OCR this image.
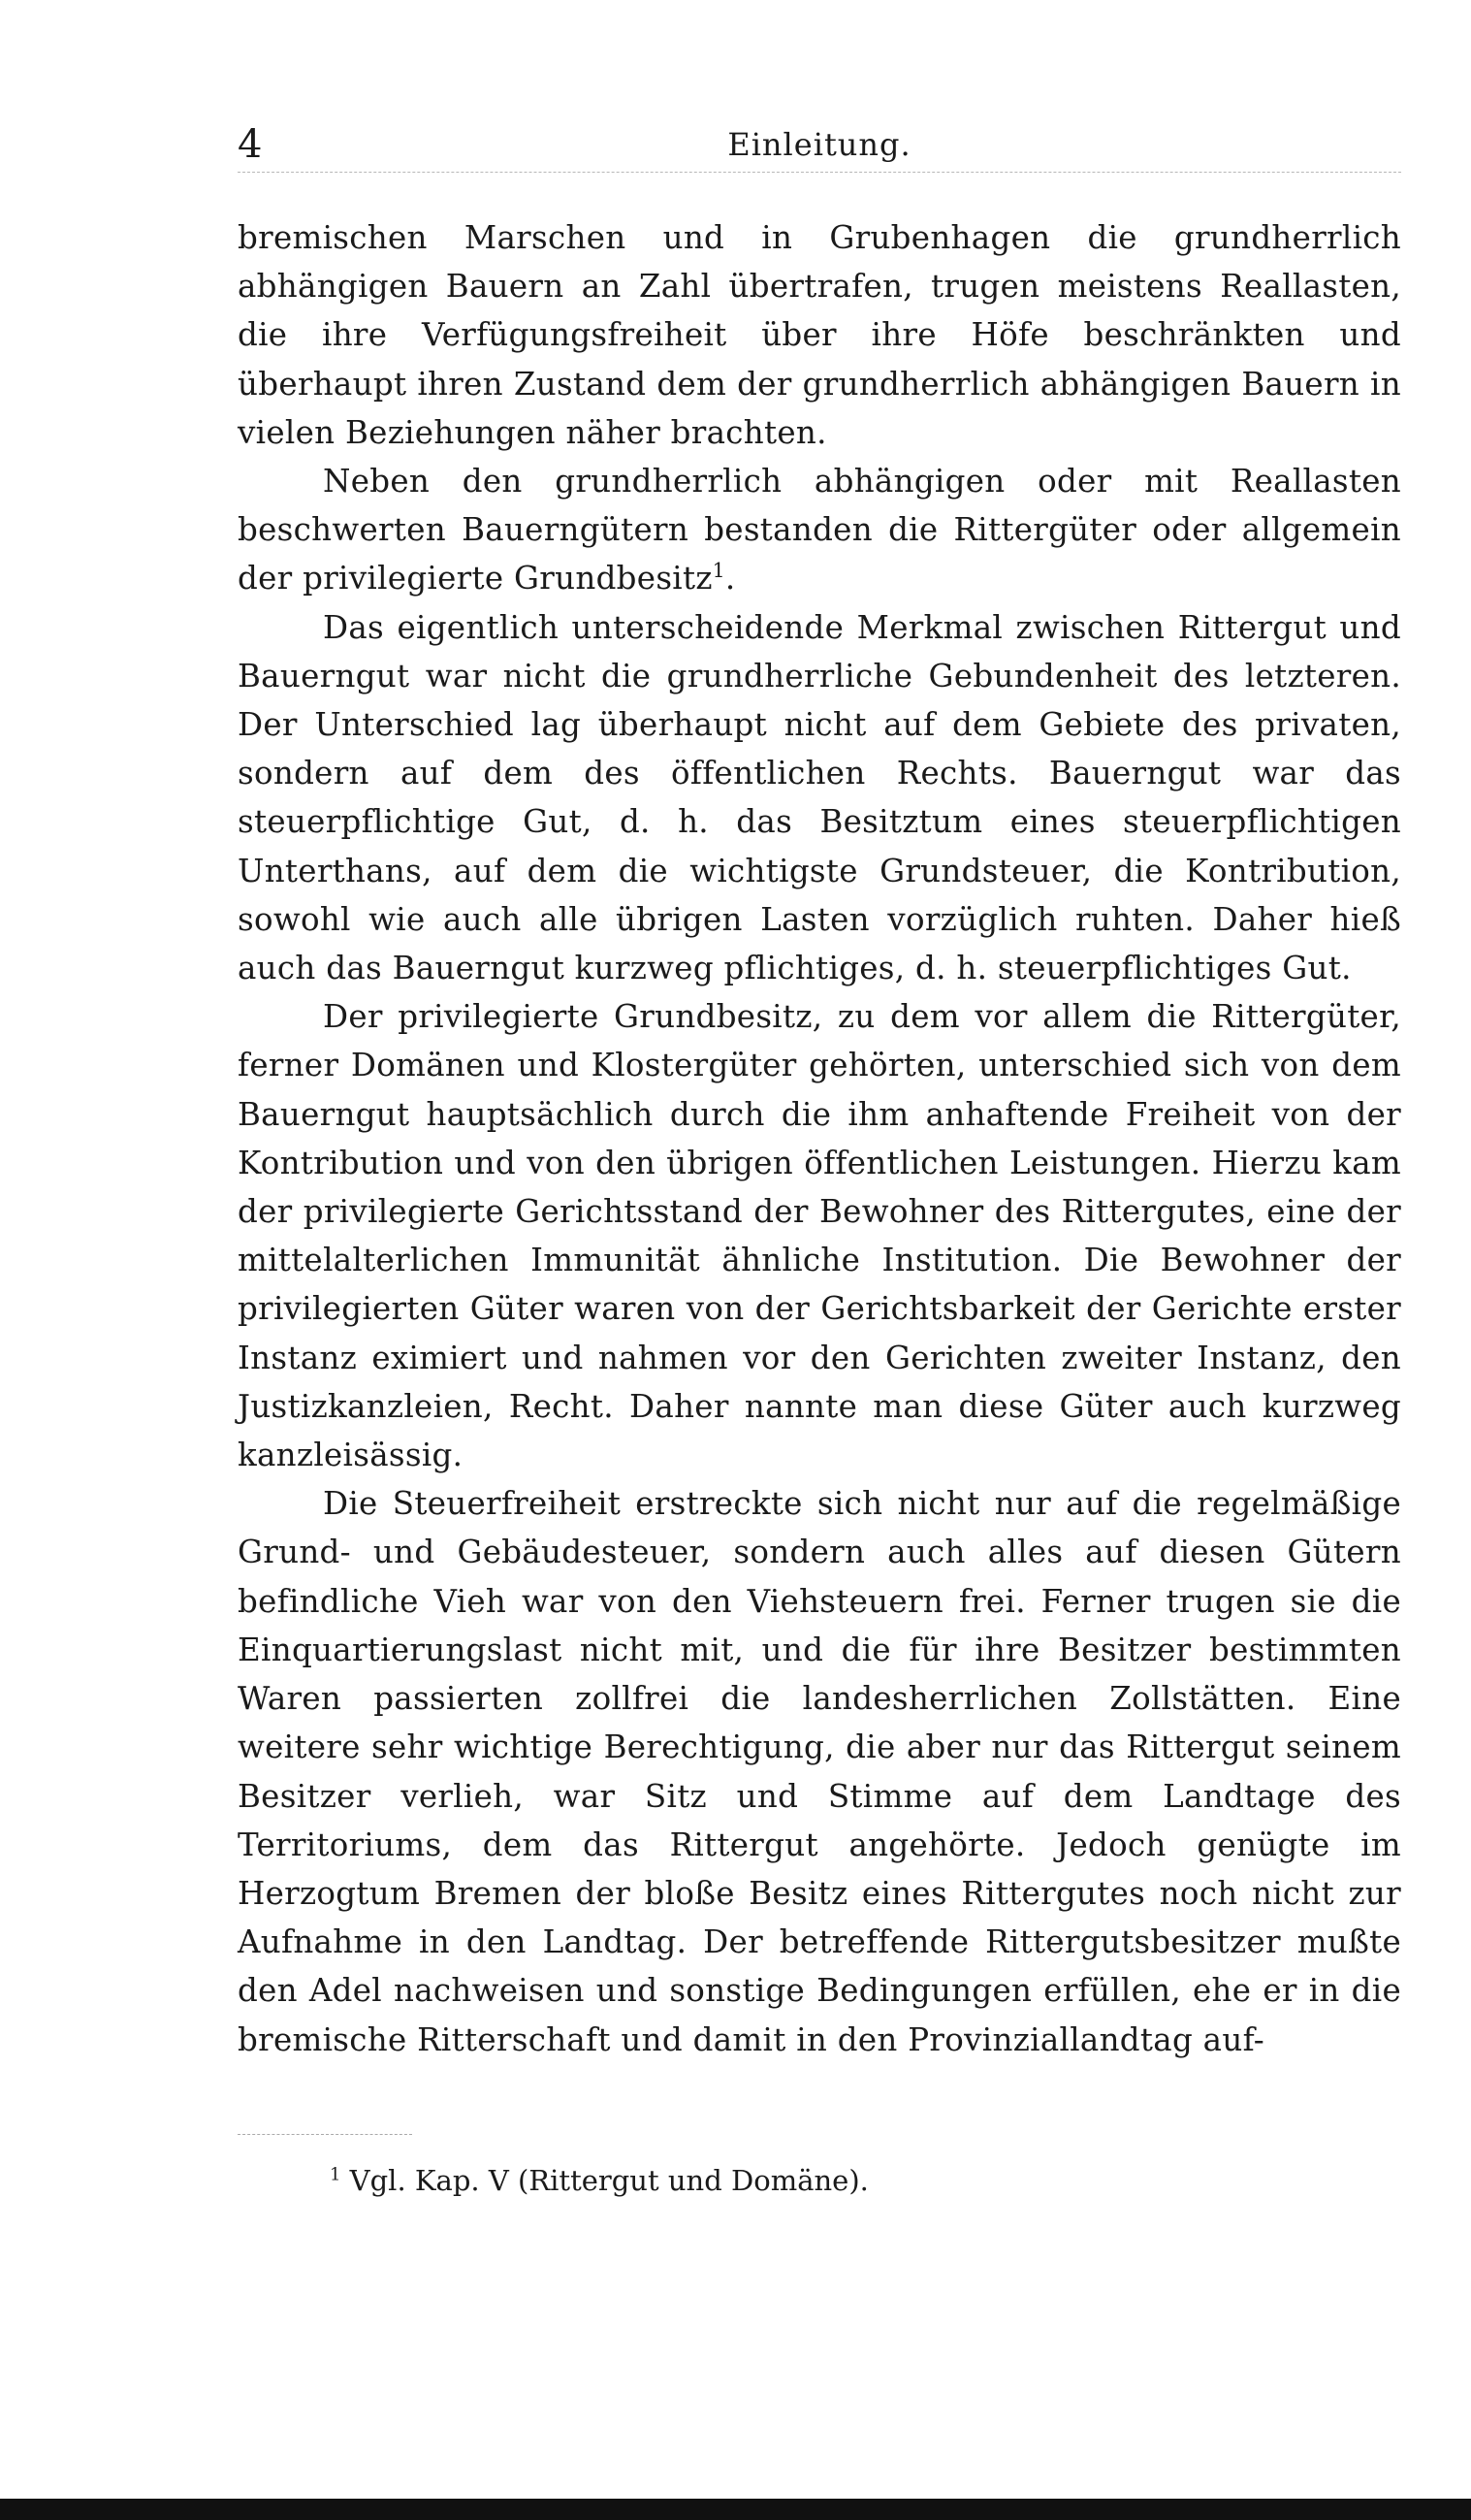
4	Einleitung.

bremischen Marschen und in Grubenhagen die grundherrlich abhängigen Bauern an Zahl übertrafen, trugen meistens Reallasten, die ihre Verfügungsfreiheit über ihre Höfe beschränkten und überhaupt ihren Zustand dem der grundherrlich abhängigen Bauern in vielen Beziehungen näher brachten.

Neben den grundherrlich abhängigen oder mit Reallasten beschwerten Bauerngütern bestanden die Rittergüter oder allgemein der privilegierte Grundbesitz$^1$.

Das eigentlich unterscheidende Merkmal zwischen Rittergut und Bauerngut war nicht die grundherrliche Gebundenheit des letzteren. Der Unterschied lag überhaupt nicht auf dem Gebiete des privaten, sondern auf dem des öffentlichen Rechts. Bauerngut war das steuerpflichtige Gut, d. h. das Besitztum eines steuerpflichtigen Unterthans, auf dem die wichtigste Grundsteuer, die Kontribution, sowohl wie auch alle übrigen Lasten vorzüglich ruhten. Daher hieß auch das Bauerngut kurzweg pflichtiges, d. h. steuerpflichtiges Gut.

Der privilegierte Grundbesitz, zu dem vor allem die Rittergüter, ferner Domänen und Klostergüter gehörten, unterschied sich von dem Bauerngut hauptsächlich durch die ihm anhaftende Freiheit von der Kontribution und von den übrigen öffentlichen Leistungen. Hierzu kam der privilegierte Gerichtsstand der Bewohner des Rittergutes, eine der mittelalterlichen Immunität ähnliche Institution. Die Bewohner der privilegierten Güter waren von der Gerichtsbarkeit der Gerichte erster Instanz eximiert und nahmen vor den Gerichten zweiter Instanz, den Justizkanzleien, Recht. Daher nannte man diese Güter auch kurzweg kanzleisässig.

Die Steuerfreiheit erstreckte sich nicht nur auf die regelmäßige Grund- und Gebäudesteuer, sondern auch alles auf diesen Gütern befindliche Vieh war von den Viehsteuern frei. Ferner trugen sie die Einquartierungslast nicht mit, und die für ihre Besitzer bestimmten Waren passierten zollfrei die landesherrlichen Zollstätten. Eine weitere sehr wichtige Berechtigung, die aber nur das Rittergut seinem Besitzer verlieh, war Sitz und Stimme auf dem Landtage des Territoriums, dem das Rittergut angehörte. Jedoch genügte im Herzogtum Bremen der bloße Besitz eines Rittergutes noch nicht zur Aufnahme in den Landtag. Der betreffende Rittergutsbesitzer mußte den Adel nachweisen und sonstige Bedingungen erfüllen, ehe er in die bremische Ritterschaft und damit in den Provinziallandtag auf-

$^1$ Vgl. Kap. V (Rittergut und Domäne).
